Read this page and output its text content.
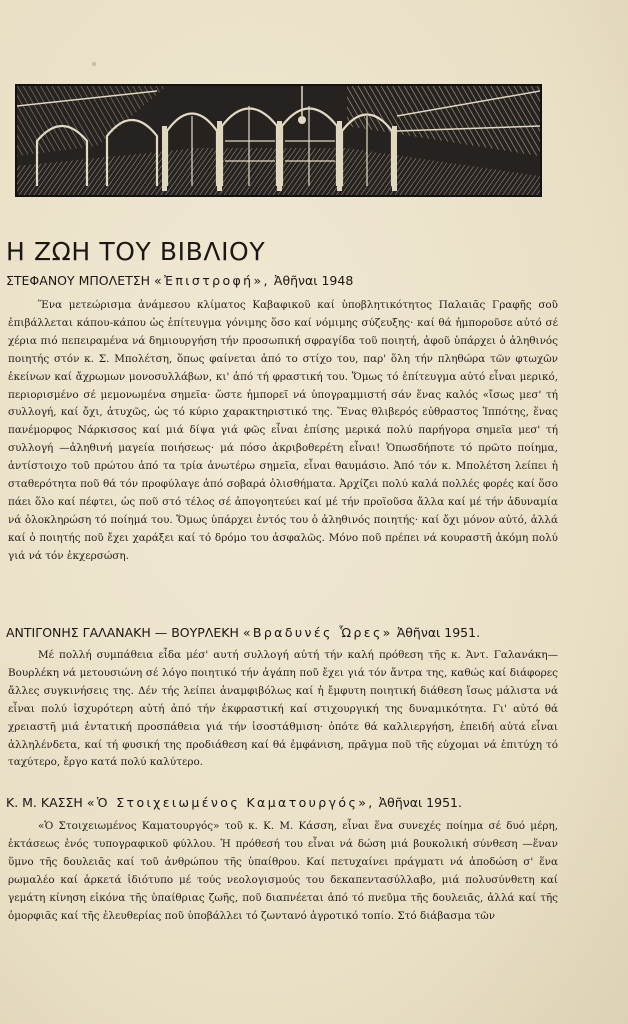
Η ΖΩΗ ΤΟΥ ΒΙΒΛΙΟΥ
ΣΤΕΦΑΝΟΥ ΜΠΟΛΕΤΣΗ «Ἐπιστροφή», Ἀθῆναι 1948

Ἕνα μετεώρισμα ἀνάμεσου κλίματος Καβαφικοῦ καί ὑποβλητικότητος Παλαιᾶς Γραφῆς σοῦ ἐπιβάλλεται κάπου-κάπου ὡς ἐπίτευγμα γόνιμης ὅσο καί νόμιμης σύζευξης· καί θά ἠμποροῦσε αὐτό σέ χέρια πιό πεπειραμένα νά δημιουργήση τήν προσωπική σφραγίδα τοῦ ποιητή, ἀφοῦ ὑπάρχει ὁ ἀληθινός ποιητής στόν κ. Σ. Μπολέτση, ὅπως φαίνεται ἀπό το στίχο του, παρ' ὅλη τήν πληθώρα τῶν φτωχῶν ἐκείνων καί ἄχρωμων μονοσυλλάβων, κι' ἀπό τή φραστική του. Ὅμως τό ἐπίτευγμα αὐτό εἶναι μερικό, περιορισμένο σέ μεμονωμένα σημεῖα· ὥστε ἠμπορεῖ νά ὑπογραμμιστή σάν ἕνας καλός «ἴσως μεσ' τή συλλογή, καί ὄχι, ἀτυχῶς, ὡς τό κύριο χαρακτηριστικό της. Ἕνας θλιβερός εὐθραστος Ἱππότης, ἕνας πανέμορφος Νάρκισσος καί μιά δίψα γιά φῶς εἶναι ἐπίσης μερικά πολύ παρήγορα σημεῖα μεσ' τή συλλογή —ἀληθινή μαγεία ποιήσεως· μά πόσο ἀκριβοθερέτη εἶναι! Ὁπωσδήποτε τό πρῶτο ποίημα, ἀντίστοιχο τοῦ πρώτου ἀπό τα τρία ἀνωτέρω σημεῖα, εἶναι θαυμάσιο. Ἀπό τόν κ. Μπολέτση λείπει ἡ σταθερότητα ποῦ θά τόν προφύλαγε ἀπό σοβαρά ὀλισθήματα. Ἀρχίζει πολύ καλά πολλές φορές καί ὅσο πάει ὅλο καί πέφτει, ὡς ποῦ στό τέλος σέ ἀπογοητεύει καί μέ τήν προϊοῦσα ἄλλα καί μέ τήν ἀδυναμία νά ὁλοκληρώση τό ποίημά του. Ὅμως ὑπάρχει ἐντός του ὁ ἀληθινός ποιητής· καί ὄχι μόνον αὐτό, ἀλλά καί ὁ ποιητής ποῦ ἔχει χαράξει καί τό δρόμο του ἀσφαλῶς. Μόνο ποῦ πρέπει νά κουραστῆ ἀκόμη πολύ γιά νά τόν ἐκχερσώση.

ΑΝΤΙΓΟΝΗΣ ΓΑΛΑΝΑΚΗ — ΒΟΥΡΛΕΚΗ «Βραδυνές Ὧρες» Ἀθῆναι 1951.

Μέ πολλή συμπάθεια εἶδα μέσ' αυτή συλλογή αὐτή τήν καλή πρόθεση τῆς κ. Ἀντ. Γαλανάκη—Βουρλέκη νά μετουσιώνη σέ λόγο ποιητικό τήν ἀγάπη ποῦ ἔχει γιά τόν ἄντρα της, καθώς καί διάφορες ἄλλες συγκινήσεις της. Δέν τής λείπει ἀναμφιβόλως καί ἡ ἔμφυτη ποιητική διάθεση ἴσως μάλιστα νά εἶναι πολύ ἰσχυρότερη αὐτή ἀπό τήν ἐκφραστική καί στιχουργική της δυναμικότητα. Γι' αὐτό θά χρειαστῆ μιά ἐντατική προσπάθεια γιά τήν ἰσοστάθμιση· ὁπότε θά καλλιεργήση, ἐπειδή αὐτά εἶναι ἀλληλένδετα, καί τή φυσική της προδιάθεση καί θά ἐμφάνιση, πρᾶγμα ποῦ τῆς εὐχομαι νά ἐπιτύχη τό ταχύτερο, ἔργο κατά πολύ καλύτερο.

Κ. Μ. ΚΑΣΣΗ «Ὁ Στοιχειωμένος Καματουργός», Ἀθῆναι 1951.

«Ὁ Στοιχειωμένος Καματουργός» τοῦ κ. Κ. Μ. Κάσση, εἶναι ἕνα συνεχές ποίημα σέ δυό μέρη, ἐκτάσεως ἑνός τυπογραφικοῦ φύλλου. Ἡ πρόθεσή του εἶναι νά δώση μιά βουκολική σύνθεση —ἕναν ὕμνο τῆς δουλειᾶς καί τοῦ ἀνθρώπου τῆς ὑπαίθρου. Καί πετυχαίνει πράγματι νά ἀποδώση σ' ἕνα ρωμαλέο καί ἀρκετά ἰδιότυπο μέ τούς νεολογισμούς του δεκαπεντασύλλαβο, μιά πολυσύνθετη καί γεμάτη κίνηση εἰκόνα τῆς ὑπαίθριας ζωῆς, ποῦ διαπνέεται ἀπό τό πνεῦμα τῆς δουλειᾶς, ἀλλά καί τῆς ὀμορφιᾶς καί τῆς ἐλευθερίας ποῦ ὑποβάλλει τό ζωντανό ἀγροτικό τοπίο. Στό διάβασμα τῶν
